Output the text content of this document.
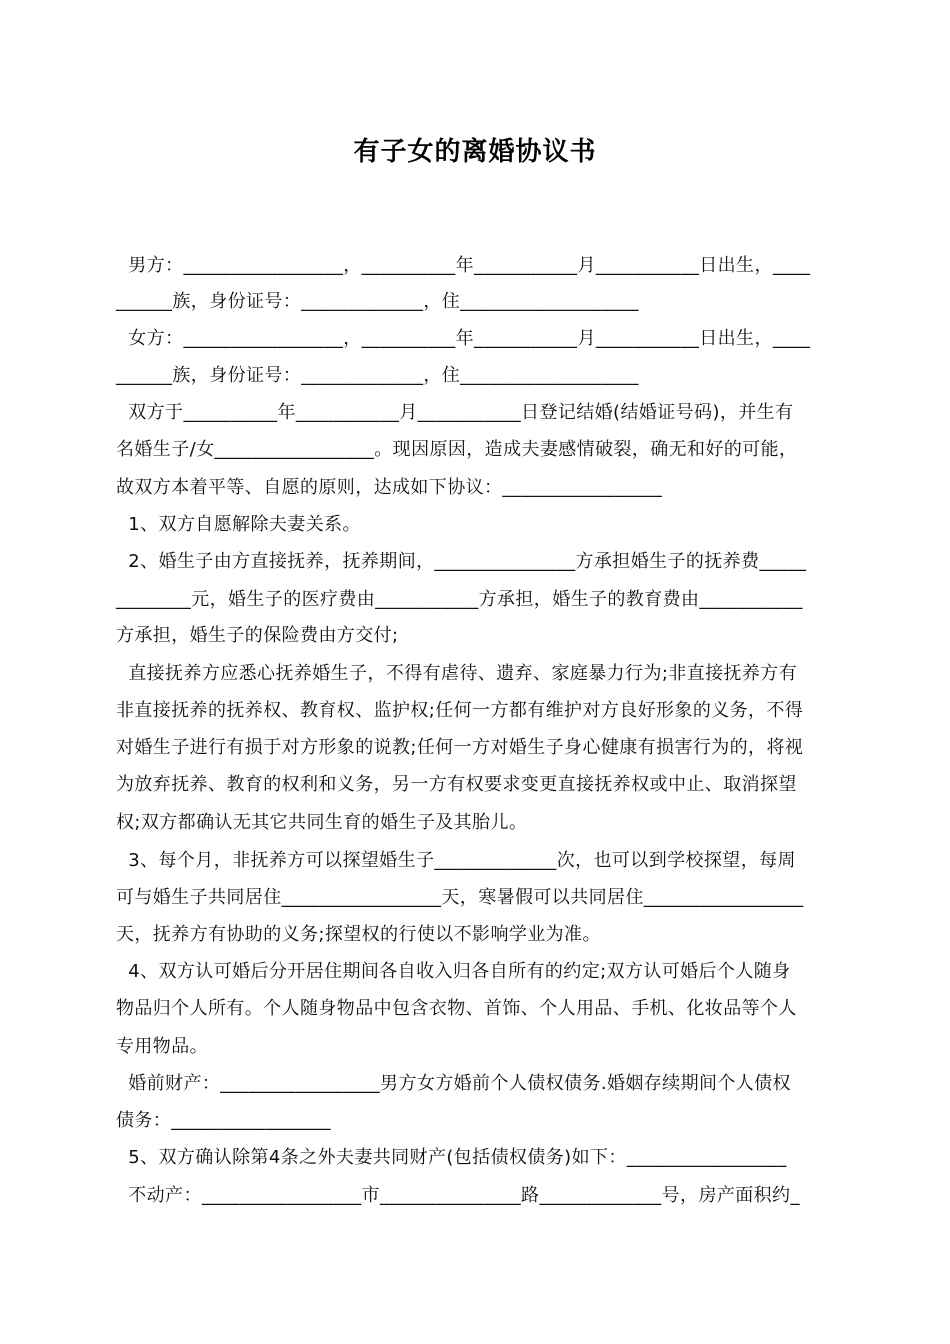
有子女的离婚协议书
男方：_________________，__________年___________月___________日出生，____
______族，身份证号：_____________，住___________________
女方：_________________，__________年___________月___________日出生，____
______族，身份证号：_____________，住___________________
双方于__________年___________月___________日登记结婚(结婚证号码)，并生有
名婚生子/女_________________。现因原因，造成夫妻感情破裂，确无和好的可能，
故双方本着平等、自愿的原则，达成如下协议：_________________
1、双方自愿解除夫妻关系。
2、婚生子由方直接抚养，抚养期间，_______________方承担婚生子的抚养费_____
________元，婚生子的医疗费由___________方承担，婚生子的教育费由___________
方承担，婚生子的保险费由方交付;
直接抚养方应悉心抚养婚生子，不得有虐待、遗弃、家庭暴力行为;非直接抚养方有
非直接抚养的抚养权、教育权、监护权;任何一方都有维护对方良好形象的义务，不得
对婚生子进行有损于对方形象的说教;任何一方对婚生子身心健康有损害行为的，将视
为放弃抚养、教育的权利和义务，另一方有权要求变更直接抚养权或中止、取消探望
权;双方都确认无其它共同生育的婚生子及其胎儿。
3、每个月，非抚养方可以探望婚生子_____________次，也可以到学校探望，每周
可与婚生子共同居住_________________天，寒暑假可以共同居住_________________
天，抚养方有协助的义务;探望权的行使以不影响学业为准。
4、双方认可婚后分开居住期间各自收入归各自所有的约定;双方认可婚后个人随身
物品归个人所有。个人随身物品中包含衣物、首饰、个人用品、手机、化妆品等个人
专用物品。
婚前财产：_________________男方女方婚前个人债权债务.婚姻存续期间个人债权
债务：_________________
5、双方确认除第4条之外夫妻共同财产(包括债权债务)如下：_________________
不动产：_________________市_______________路_____________号，房产面积约_
